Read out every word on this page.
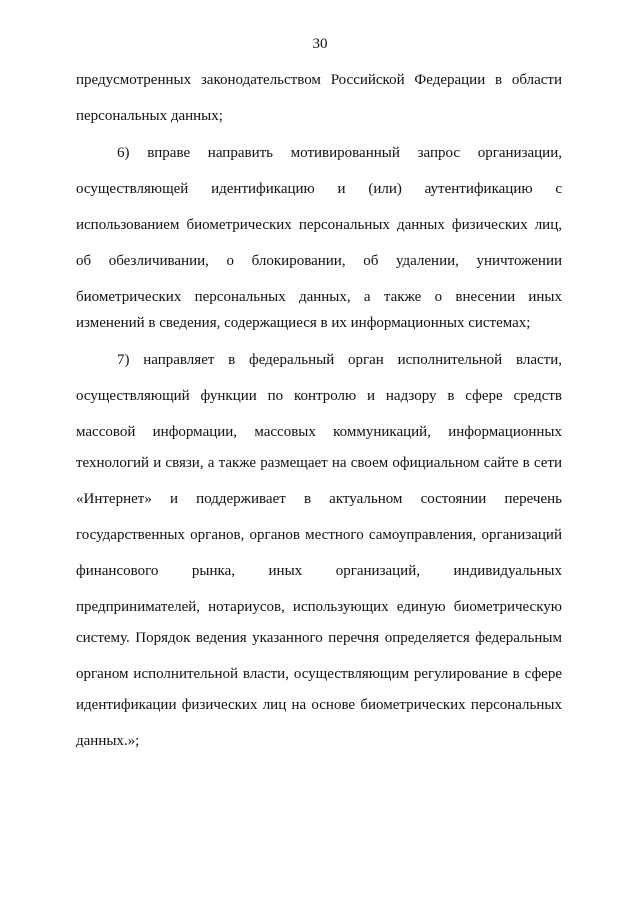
30
предусмотренных законодательством Российской Федерации в области
персональных данных;
6) вправе направить мотивированный запрос организации,
осуществляющей идентификацию и (или) аутентификацию с
использованием биометрических персональных данных физических лиц,
об обезличивании, о блокировании, об удалении, уничтожении
биометрических персональных данных, а также о внесении иных
изменений в сведения, содержащиеся в их информационных системах;
7) направляет в федеральный орган исполнительной власти,
осуществляющий функции по контролю и надзору в сфере средств
массовой информации, массовых коммуникаций, информационных
технологий и связи, а также размещает на своем официальном сайте в сети
«Интернет» и поддерживает в актуальном состоянии перечень
государственных органов, органов местного самоуправления, организаций
финансового рынка, иных организаций, индивидуальных
предпринимателей, нотариусов, использующих единую биометрическую
систему. Порядок ведения указанного перечня определяется федеральным
органом исполнительной власти, осуществляющим регулирование в сфере
идентификации физических лиц на основе биометрических персональных
данных.»;
